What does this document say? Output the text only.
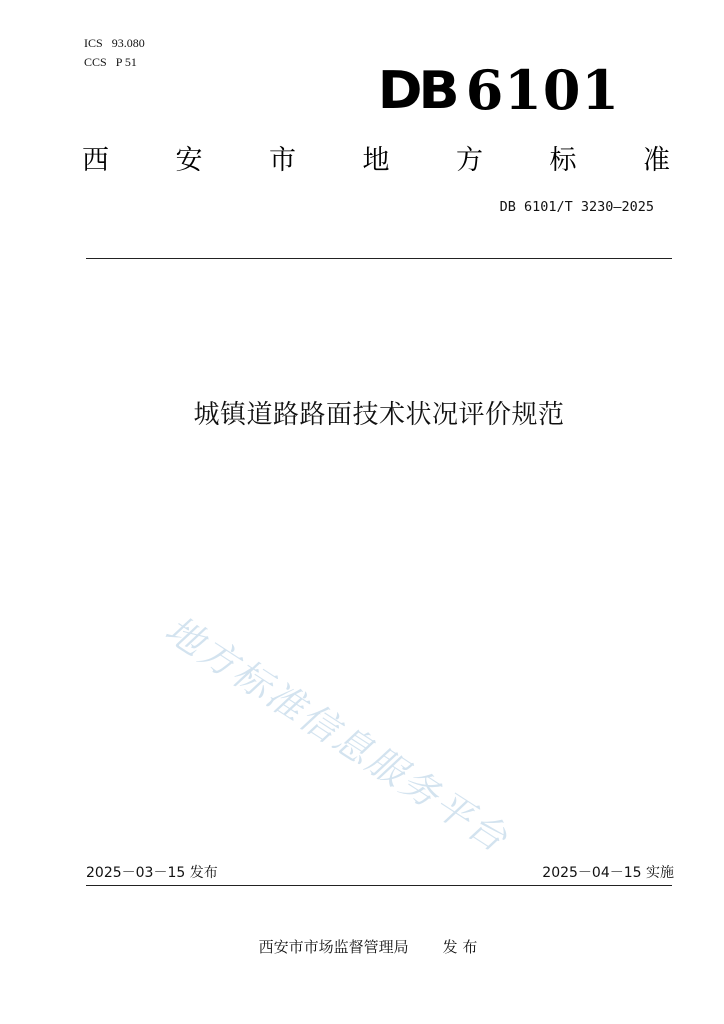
ICS 93.080
CCS P 51	DB 6101
西 安 市 地 方 标 准
DB 6101/T 3230—2025
城镇道路路面技术状况评价规范
地方标准信息服务平台
2025－03－15 发布	2025－04－15 实施
西安市市场监督管理局 发 布
